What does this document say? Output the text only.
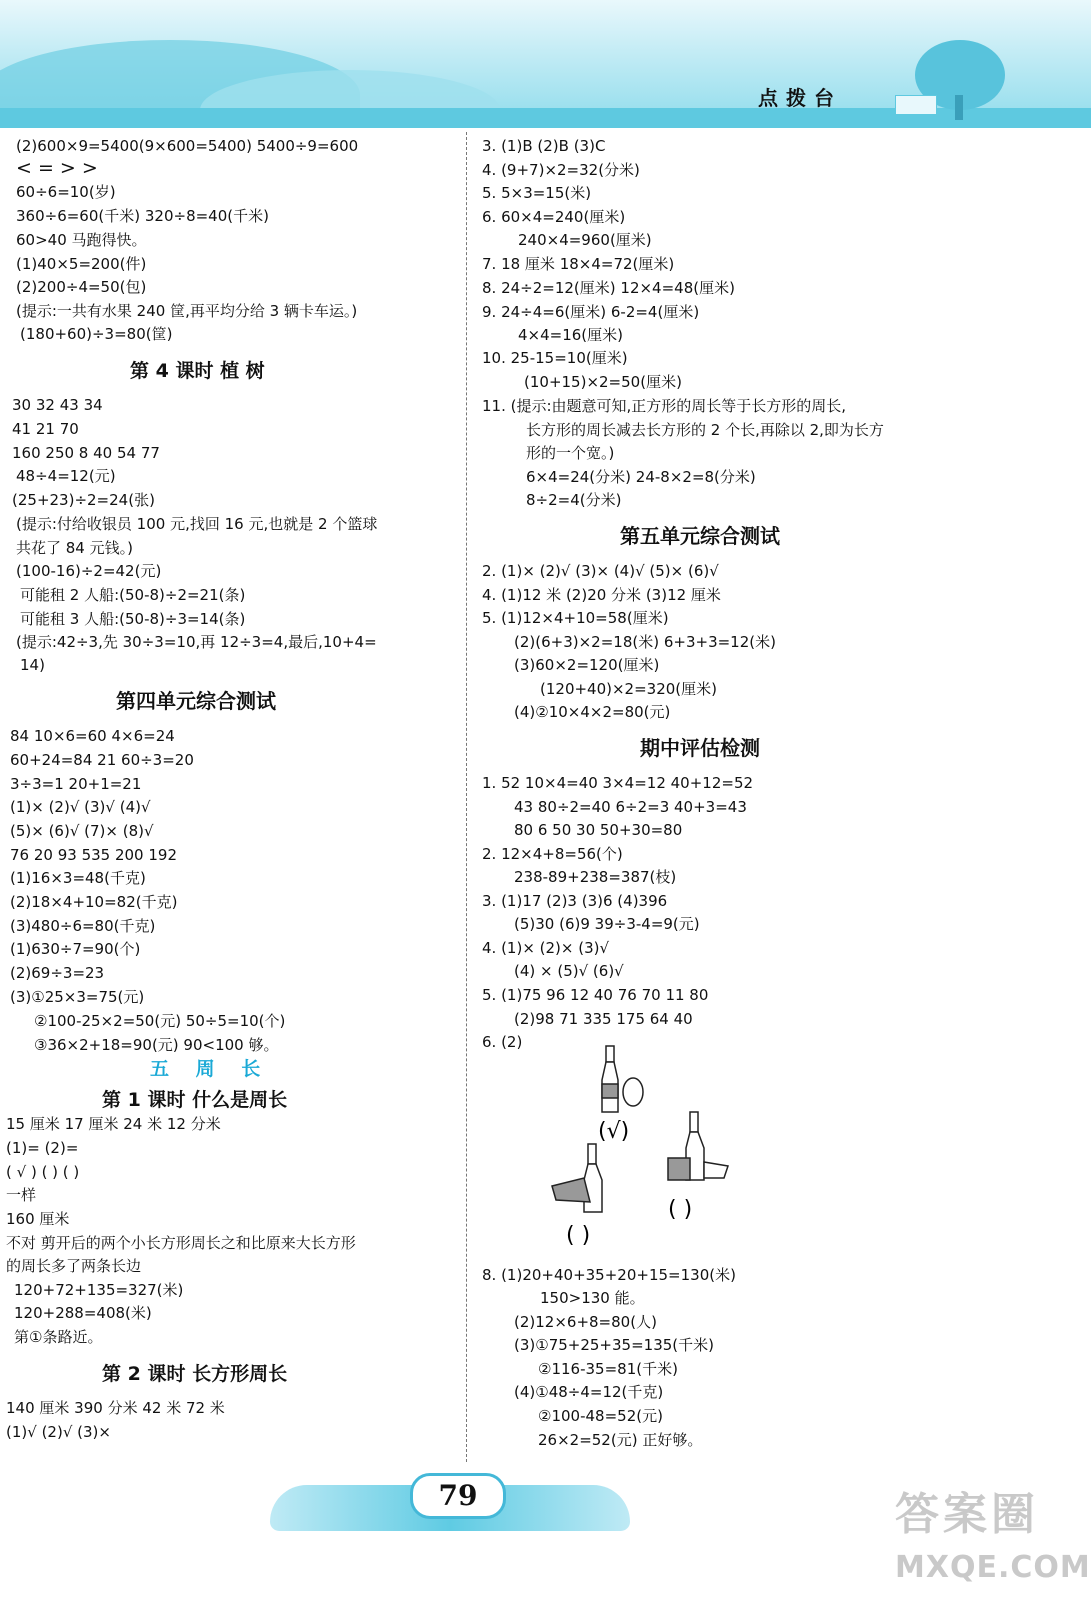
点拨台
(2)600×9=5400(9×600=5400) 5400÷9=600
< = > >
60÷6=10(岁)
360÷6=60(千米) 320÷8=40(千米)
60>40 马跑得快。
(1)40×5=200(件)
(2)200÷4=50(包)
(提示:一共有水果 240 筐,再平均分给 3 辆卡车运。)
(180+60)÷3=80(筐)
第 4 课时 植 树
30 32 43 34
41 21 70
160 250 8 40 54 77
48÷4=12(元)
(25+23)÷2=24(张)
(提示:付给收银员 100 元,找回 16 元,也就是 2 个篮球
共花了 84 元钱。)
(100-16)÷2=42(元)
可能租 2 人船:(50-8)÷2=21(条)
可能租 3 人船:(50-8)÷3=14(条)
(提示:42÷3,先 30÷3=10,再 12÷3=4,最后,10+4=
14)
第四单元综合测试
84 10×6=60 4×6=24
60+24=84 21 60÷3=20
3÷3=1 20+1=21
(1)× (2)√ (3)√ (4)√
(5)× (6)√ (7)× (8)√
76 20 93 535 200 192
(1)16×3=48(千克)
(2)18×4+10=82(千克)
(3)480÷6=80(千克)
(1)630÷7=90(个)
(2)69÷3=23
(3)①25×3=75(元)
②100-25×2=50(元) 50÷5=10(个)
③36×2+18=90(元) 90<100 够。
五 周 长
第 1 课时 什么是周长
15 厘米 17 厘米 24 米 12 分米
(1)= (2)=
( √ ) ( ) ( )
一样
160 厘米
不对 剪开后的两个小长方形周长之和比原来大长方形
的周长多了两条长边
120+72+135=327(米)
120+288=408(米)
第①条路近。
第 2 课时 长方形周长
140 厘米 390 分米 42 米 72 米
(1)√ (2)√ (3)×
3. (1)B (2)B (3)C
4. (9+7)×2=32(分米)
5. 5×3=15(米)
6. 60×4=240(厘米)
240×4=960(厘米)
7. 18 厘米 18×4=72(厘米)
8. 24÷2=12(厘米) 12×4=48(厘米)
9. 24÷4=6(厘米) 6-2=4(厘米)
4×4=16(厘米)
10. 25-15=10(厘米)
(10+15)×2=50(厘米)
11. (提示:由题意可知,正方形的周长等于长方形的周长,
长方形的周长减去长方形的 2 个长,再除以 2,即为长方
形的一个宽。)
6×4=24(分米) 24-8×2=8(分米)
8÷2=4(分米)
第五单元综合测试
2. (1)× (2)√ (3)× (4)√ (5)× (6)√
4. (1)12 米 (2)20 分米 (3)12 厘米
5. (1)12×4+10=58(厘米)
(2)(6+3)×2=18(米) 6+3+3=12(米)
(3)60×2=120(厘米)
(120+40)×2=320(厘米)
(4)②10×4×2=80(元)
期中评估检测
1. 52 10×4=40 3×4=12 40+12=52
43 80÷2=40 6÷2=3 40+3=43
80 6 50 30 50+30=80
2. 12×4+8=56(个)
238-89+238=387(枝)
3. (1)17 (2)3 (3)6 (4)396
(5)30 (6)9 39÷3-4=9(元)
4. (1)× (2)× (3)√
(4) × (5)√ (6)√
5. (1)75 96 12 40 76 70 11 80
(2)98 71 335 175 64 40
6. (2)
8. (1)20+40+35+20+15=130(米)
150>130 能。
(2)12×6+8=80(人)
(3)①75+25+35=135(千米)
②116-35=81(千米)
(4)①48÷4=12(千克)
②100-48=52(元)
26×2=52(元) 正好够。
(√)
( )
( )
79	答案圈
MXQE.COM
